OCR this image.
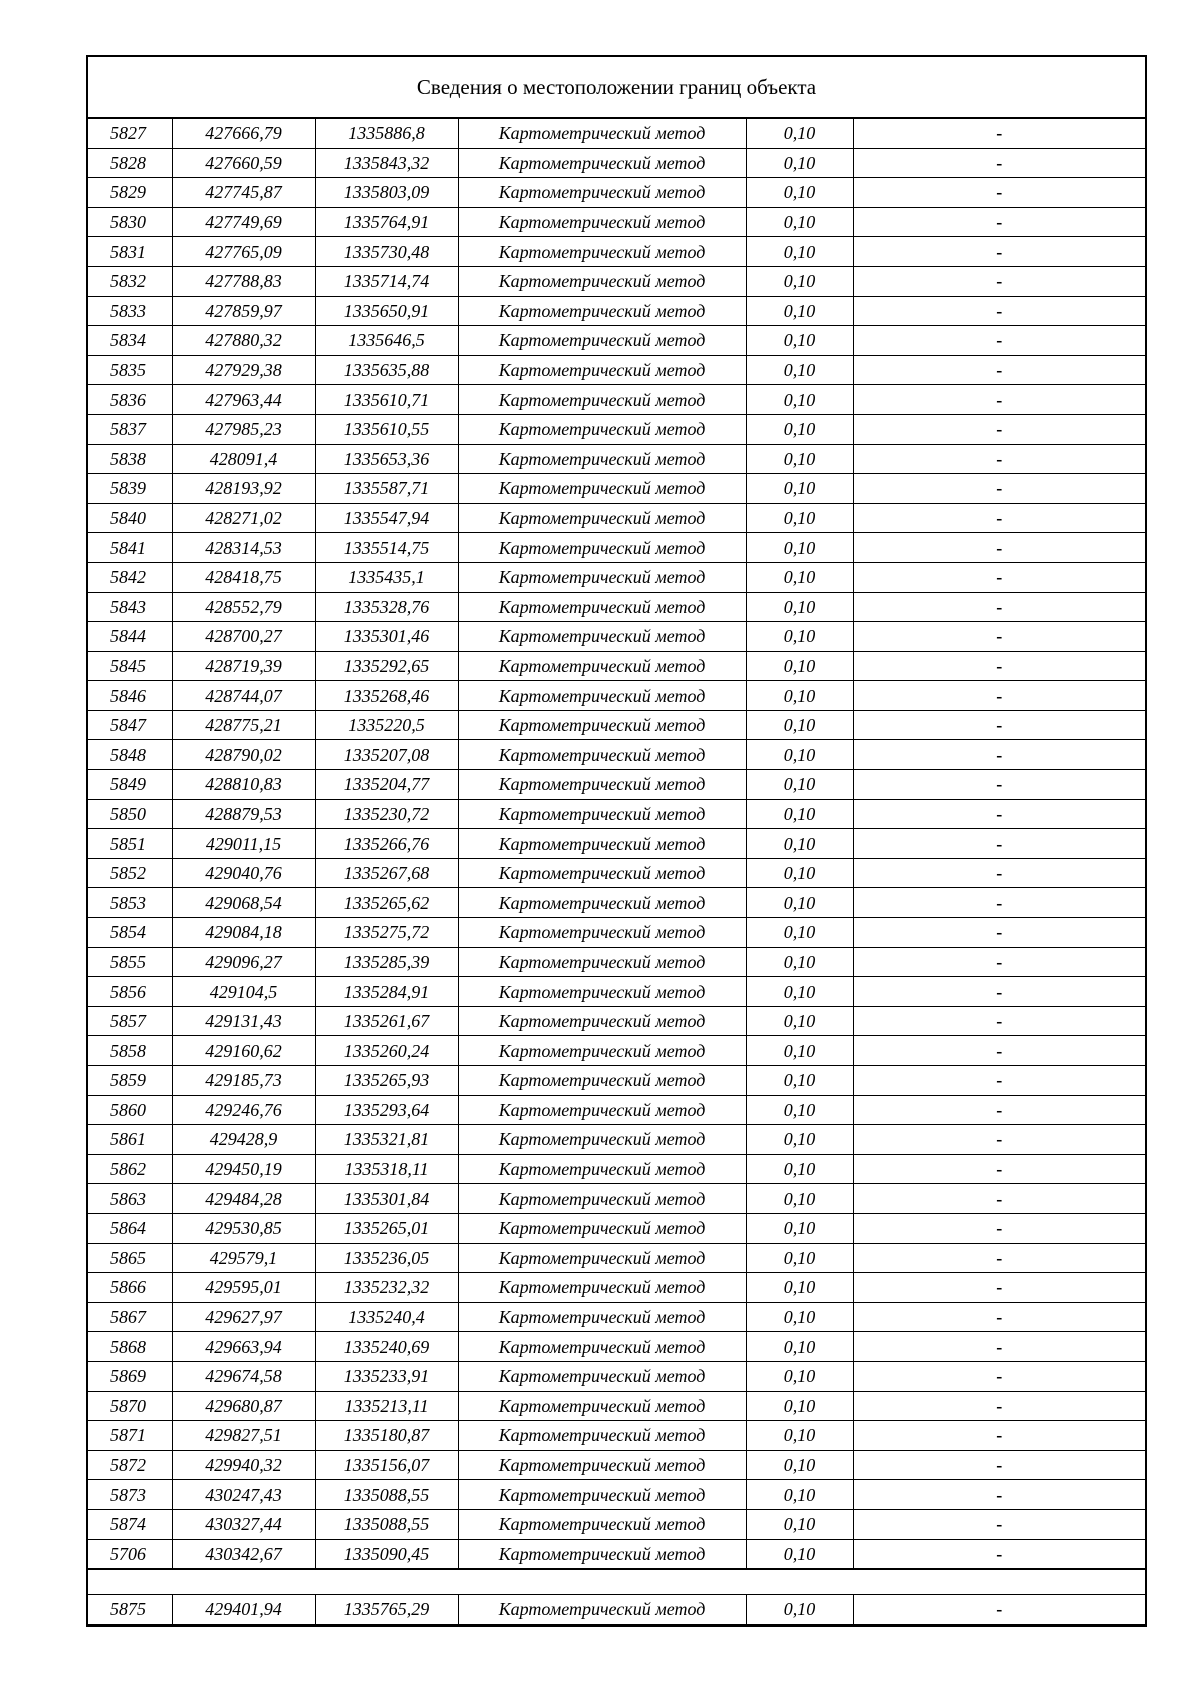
Сведения о местоположении границ объекта
5827	427666,79	1335886,8	Картометрический метод	0,10	-
5828	427660,59	1335843,32	Картометрический метод	0,10	-
5829	427745,87	1335803,09	Картометрический метод	0,10	-
5830	427749,69	1335764,91	Картометрический метод	0,10	-
5831	427765,09	1335730,48	Картометрический метод	0,10	-
5832	427788,83	1335714,74	Картометрический метод	0,10	-
5833	427859,97	1335650,91	Картометрический метод	0,10	-
5834	427880,32	1335646,5	Картометрический метод	0,10	-
5835	427929,38	1335635,88	Картометрический метод	0,10	-
5836	427963,44	1335610,71	Картометрический метод	0,10	-
5837	427985,23	1335610,55	Картометрический метод	0,10	-
5838	428091,4	1335653,36	Картометрический метод	0,10	-
5839	428193,92	1335587,71	Картометрический метод	0,10	-
5840	428271,02	1335547,94	Картометрический метод	0,10	-
5841	428314,53	1335514,75	Картометрический метод	0,10	-
5842	428418,75	1335435,1	Картометрический метод	0,10	-
5843	428552,79	1335328,76	Картометрический метод	0,10	-
5844	428700,27	1335301,46	Картометрический метод	0,10	-
5845	428719,39	1335292,65	Картометрический метод	0,10	-
5846	428744,07	1335268,46	Картометрический метод	0,10	-
5847	428775,21	1335220,5	Картометрический метод	0,10	-
5848	428790,02	1335207,08	Картометрический метод	0,10	-
5849	428810,83	1335204,77	Картометрический метод	0,10	-
5850	428879,53	1335230,72	Картометрический метод	0,10	-
5851	429011,15	1335266,76	Картометрический метод	0,10	-
5852	429040,76	1335267,68	Картометрический метод	0,10	-
5853	429068,54	1335265,62	Картометрический метод	0,10	-
5854	429084,18	1335275,72	Картометрический метод	0,10	-
5855	429096,27	1335285,39	Картометрический метод	0,10	-
5856	429104,5	1335284,91	Картометрический метод	0,10	-
5857	429131,43	1335261,67	Картометрический метод	0,10	-
5858	429160,62	1335260,24	Картометрический метод	0,10	-
5859	429185,73	1335265,93	Картометрический метод	0,10	-
5860	429246,76	1335293,64	Картометрический метод	0,10	-
5861	429428,9	1335321,81	Картометрический метод	0,10	-
5862	429450,19	1335318,11	Картометрический метод	0,10	-
5863	429484,28	1335301,84	Картометрический метод	0,10	-
5864	429530,85	1335265,01	Картометрический метод	0,10	-
5865	429579,1	1335236,05	Картометрический метод	0,10	-
5866	429595,01	1335232,32	Картометрический метод	0,10	-
5867	429627,97	1335240,4	Картометрический метод	0,10	-
5868	429663,94	1335240,69	Картометрический метод	0,10	-
5869	429674,58	1335233,91	Картометрический метод	0,10	-
5870	429680,87	1335213,11	Картометрический метод	0,10	-
5871	429827,51	1335180,87	Картометрический метод	0,10	-
5872	429940,32	1335156,07	Картометрический метод	0,10	-
5873	430247,43	1335088,55	Картометрический метод	0,10	-
5874	430327,44	1335088,55	Картометрический метод	0,10	-
5706	430342,67	1335090,45	Картометрический метод	0,10	-
5875	429401,94	1335765,29	Картометрический метод	0,10	-
